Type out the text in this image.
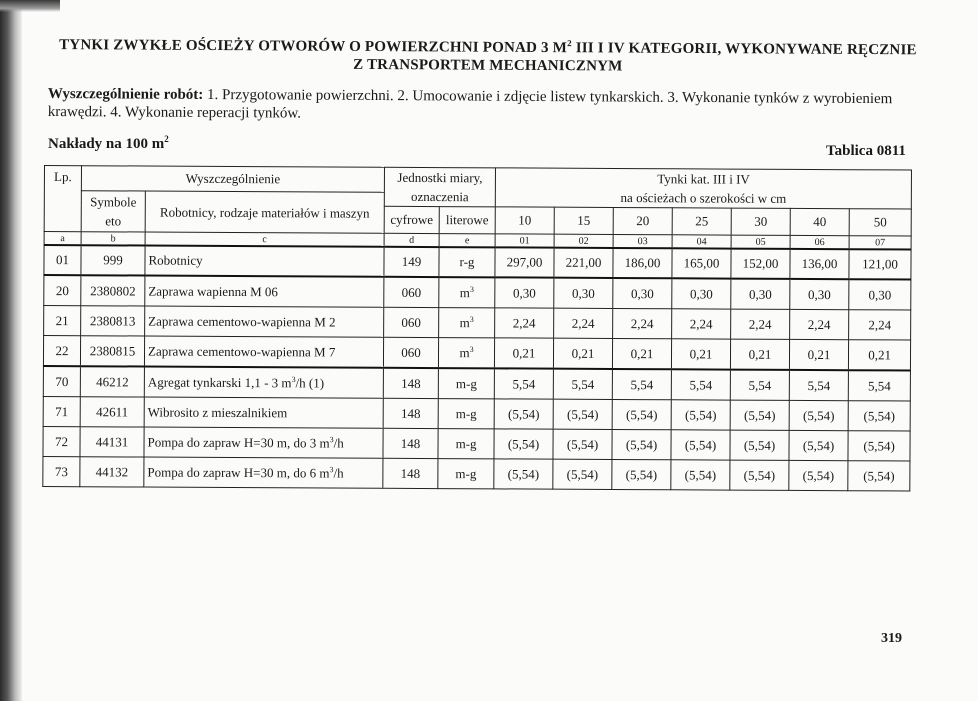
TYNKI ZWYKŁE OŚCIEŻY OTWORÓW O POWIERZCHNI PONAD 3 $M^2$ III I IV KATEGORII, WYKONYWANE RĘCZNIE
Z TRANSPORTEM MECHANICZNYM
Wyszczególnienie robót: 1. Przygotowanie powierzchni. 2. Umocowanie i zdjęcie listew tynkarskich. 3. Wykonanie tynków z wyrobieniem krawędzi. 4. Wykonanie reperacji tynków.
Nakłady na 100 $m^2$
Tablica 0811
Lp.	Wyszczególnienie		Jednostki miary, oznaczenia		Tynki kat. III i IV
na ościeżach o szerokości w cm						

	Symbole eto	Robotnicy, rodzaje materiałów i maszyn									
			cyfrowe	literowe	10	15	20	25	30	40	50
a	b	c	d	e	01	02	03	04	05	06	07
01	999	Robotnicy	149	r-g	297,00	221,00	186,00	165,00	152,00	136,00	121,00
20	2380802	Zaprawa wapienna M 06	060	$m^3$	0,30	0,30	0,30	0,30	0,30	0,30	0,30
21	2380813	Zaprawa cementowo-wapienna M 2	060	$m^3$	2,24	2,24	2,24	2,24	2,24	2,24	2,24
22	2380815	Zaprawa cementowo-wapienna M 7	060	$m^3$	0,21	0,21	0,21	0,21	0,21	0,21	0,21
70	46212	Agregat tynkarski 1,1 - 3 $m^3/h$ (1)	148	m-g	5,54	5,54	5,54	5,54	5,54	5,54	5,54
71	42611	Wibrosito z mieszalnikiem	148	m-g	(5,54)	(5,54)	(5,54)	(5,54)	(5,54)	(5,54)	(5,54)
72	44131	Pompa do zapraw H=30 m, do 3 $m^3/h$	148	m-g	(5,54)	(5,54)	(5,54)	(5,54)	(5,54)	(5,54)	(5,54)
73	44132	Pompa do zapraw H=30 m, do 6 $m^3/h$	148	m-g	(5,54)	(5,54)	(5,54)	(5,54)	(5,54)	(5,54)	(5,54)
319
